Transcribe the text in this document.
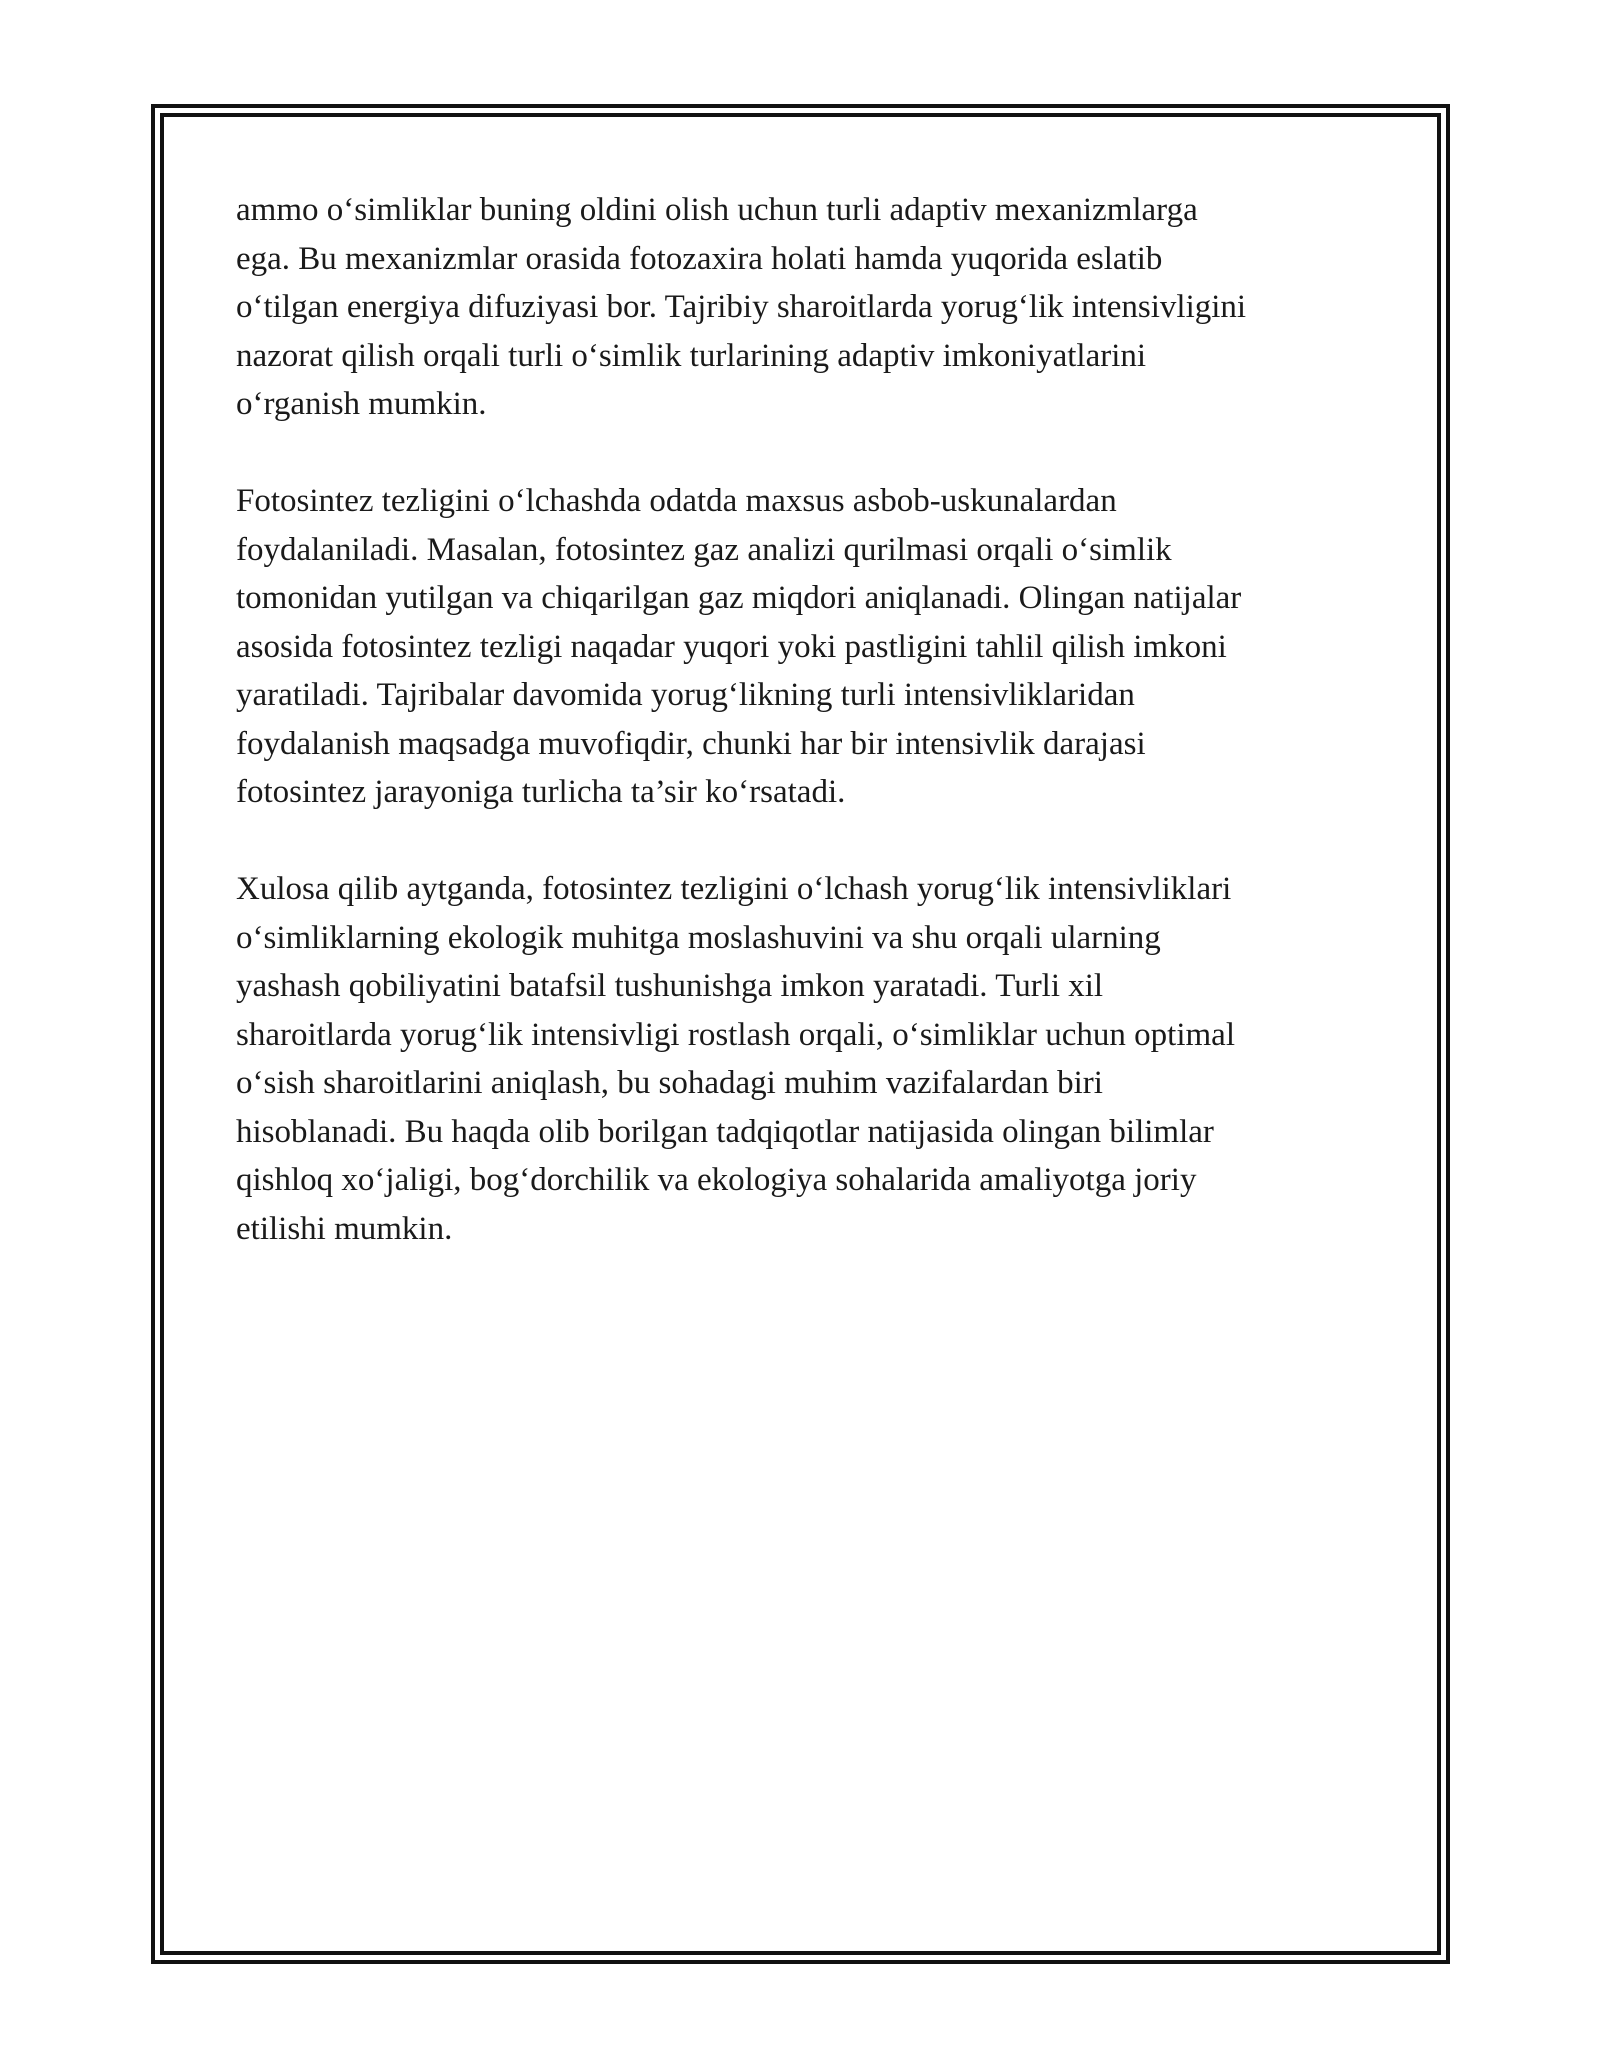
ammo o‘simliklar buning oldini olish uchun turli adaptiv mexanizmlarga
ega. Bu mexanizmlar orasida fotozaxira holati hamda yuqorida eslatib
o‘tilgan energiya difuziyasi bor. Tajribiy sharoitlarda yorug‘lik intensivligini
nazorat qilish orqali turli o‘simlik turlarining adaptiv imkoniyatlarini
o‘rganish mumkin.

Fotosintez tezligini o‘lchashda odatda maxsus asbob-uskunalardan
foydalaniladi. Masalan, fotosintez gaz analizi qurilmasi orqali o‘simlik
tomonidan yutilgan va chiqarilgan gaz miqdori aniqlanadi. Olingan natijalar
asosida fotosintez tezligi naqadar yuqori yoki pastligini tahlil qilish imkoni
yaratiladi. Tajribalar davomida yorug‘likning turli intensivliklaridan
foydalanish maqsadga muvofiqdir, chunki har bir intensivlik darajasi
fotosintez jarayoniga turlicha ta’sir ko‘rsatadi.

Xulosa qilib aytganda, fotosintez tezligini o‘lchash yorug‘lik intensivliklari
o‘simliklarning ekologik muhitga moslashuvini va shu orqali ularning
yashash qobiliyatini batafsil tushunishga imkon yaratadi. Turli xil
sharoitlarda yorug‘lik intensivligi rostlash orqali, o‘simliklar uchun optimal
o‘sish sharoitlarini aniqlash, bu sohadagi muhim vazifalardan biri
hisoblanadi. Bu haqda olib borilgan tadqiqotlar natijasida olingan bilimlar
qishloq xo‘jaligi, bog‘dorchilik va ekologiya sohalarida amaliyotga joriy
etilishi mumkin.
